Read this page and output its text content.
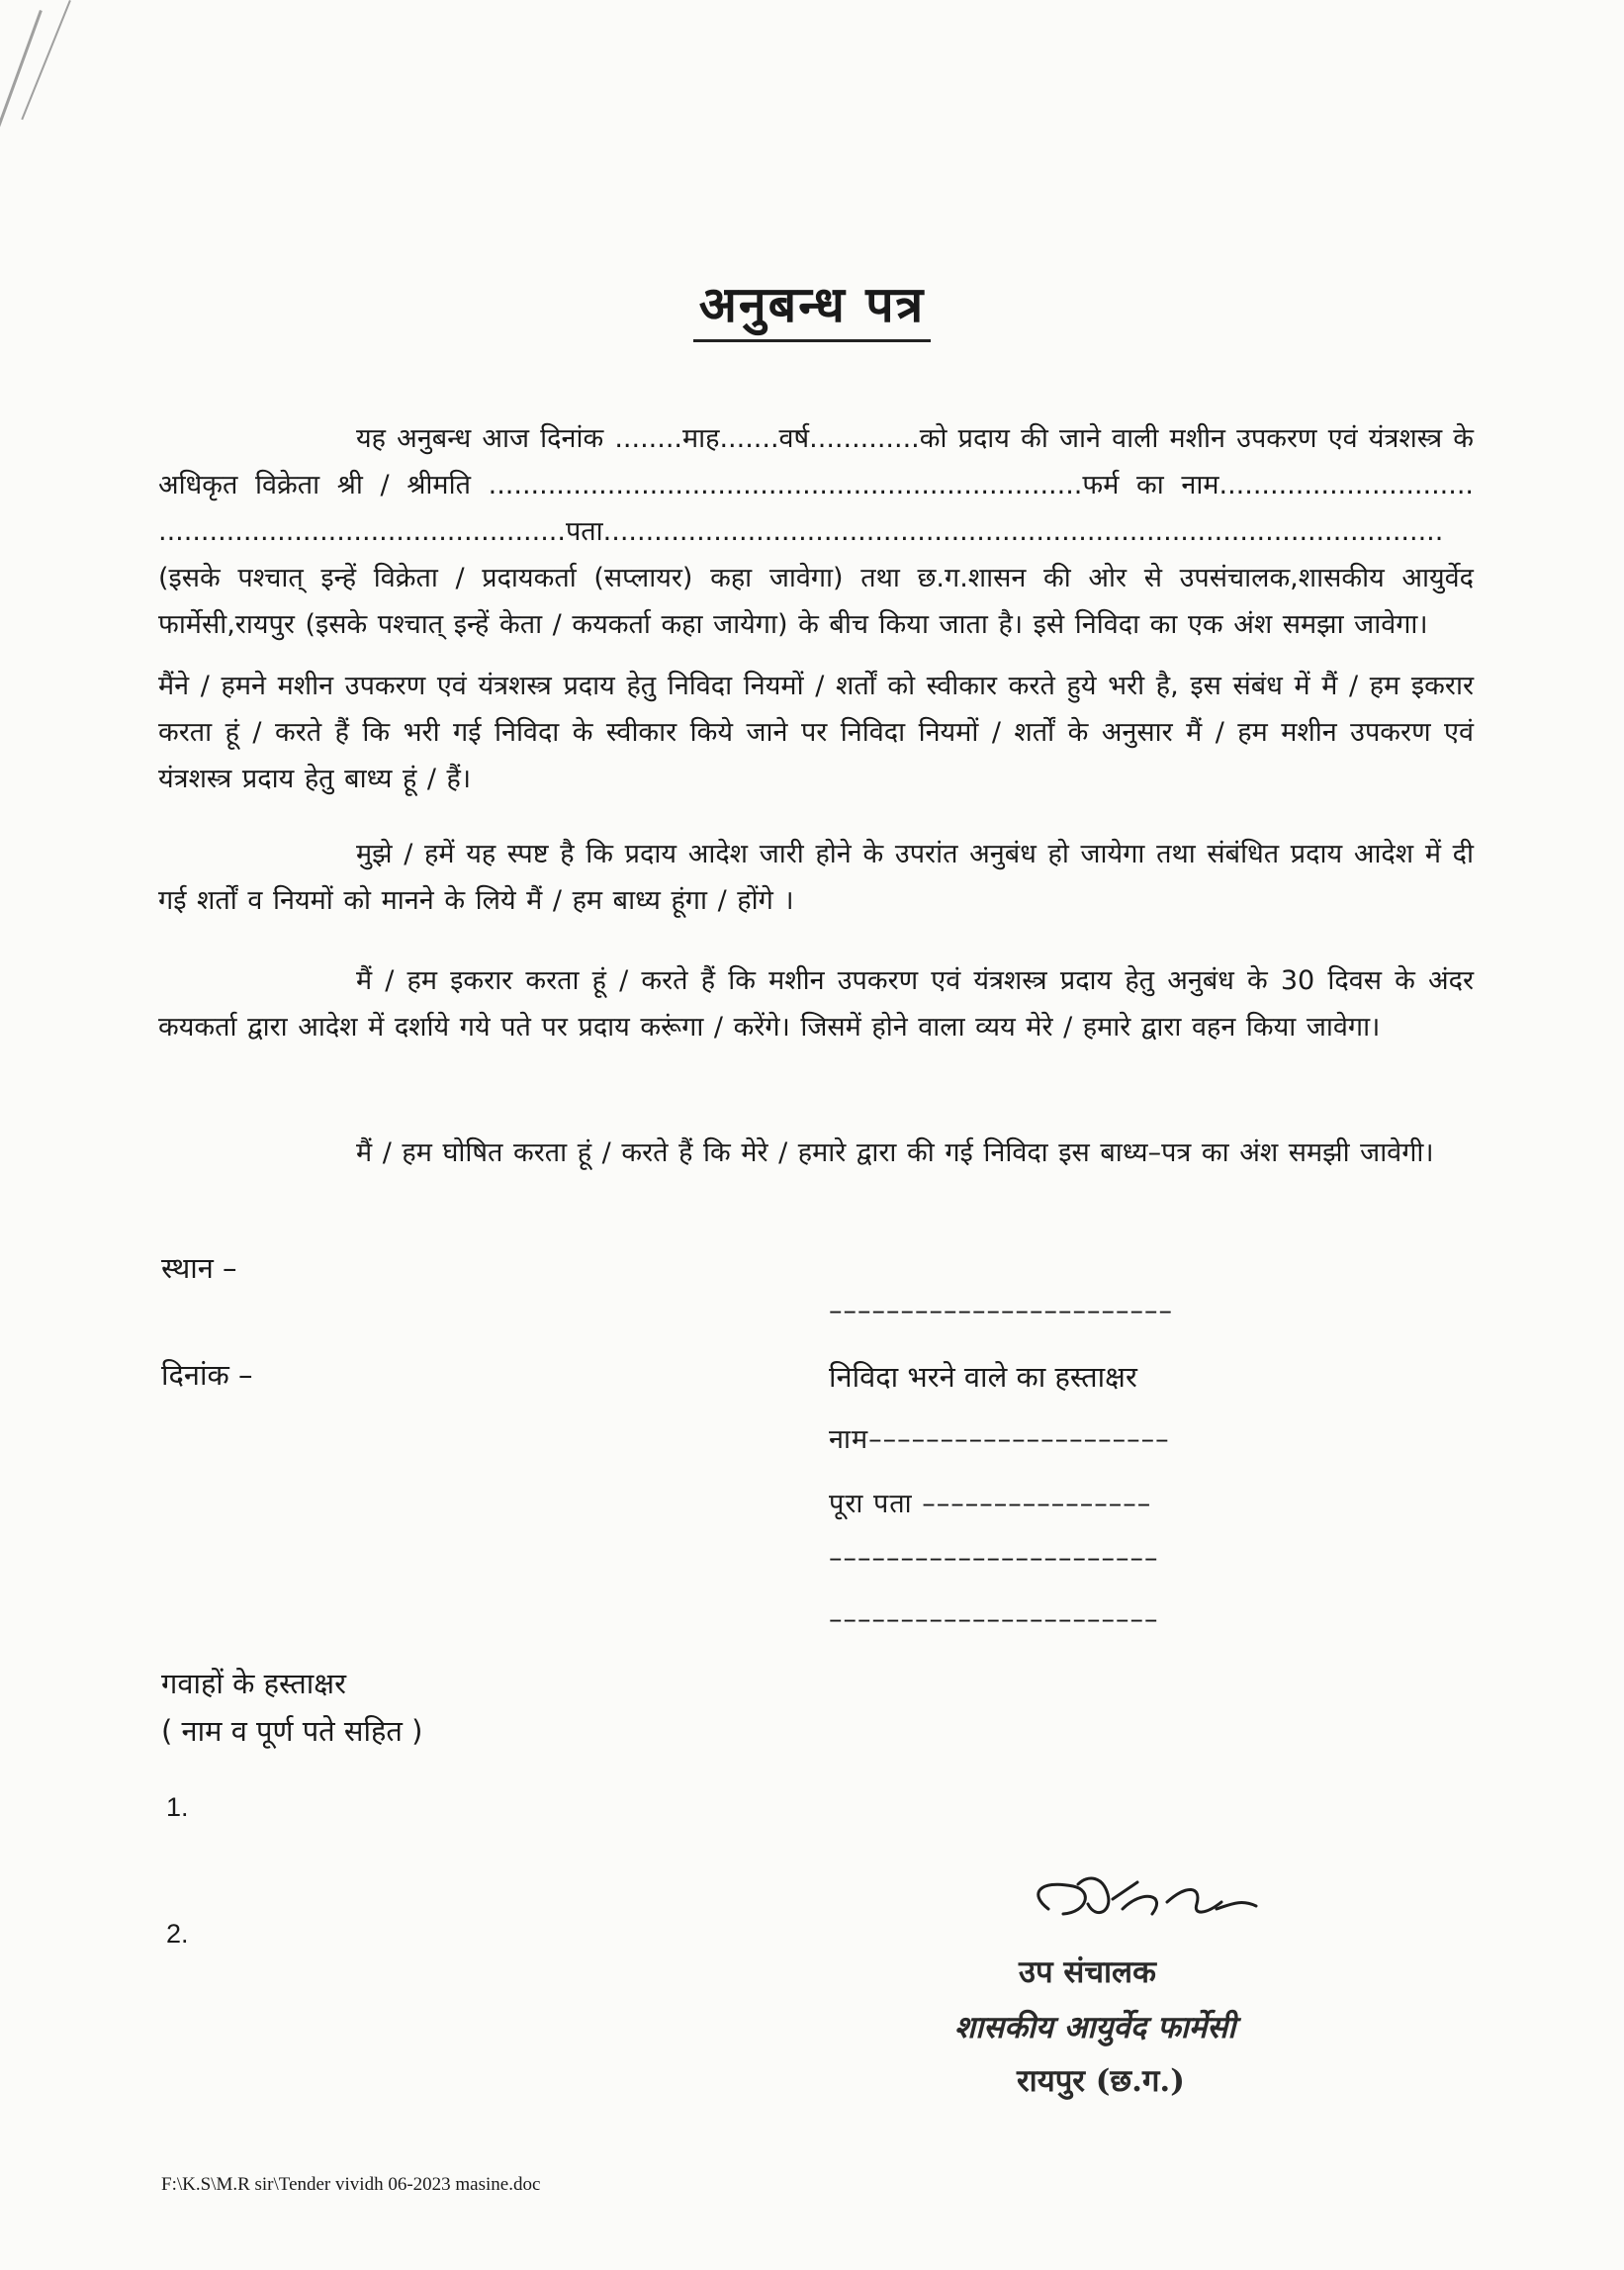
अनुबन्ध पत्र
यह अनुबन्ध आज दिनांक ........माह.......वर्ष.............को प्रदाय की जाने वाली मशीन उपकरण एवं यंत्रशस्त्र के अधिकृत विक्रेता श्री / श्रीमति ......................................................................फर्म का नाम.............................. ................................................पता...................................................................................................(इसके पश्चात् इन्हें विक्रेता / प्रदायकर्ता (सप्लायर) कहा जावेगा) तथा छ.ग.शासन की ओर से उपसंचालक,शासकीय आयुर्वेद फार्मेसी,रायपुर (इसके पश्चात् इन्हें केता / कयकर्ता कहा जायेगा) के बीच किया जाता है। इसे निविदा का एक अंश समझा जावेगा।
मैंने / हमने मशीन उपकरण एवं यंत्रशस्त्र प्रदाय हेतु निविदा नियमों / शर्तों को स्वीकार करते हुये भरी है, इस संबंध में मैं / हम इकरार करता हूं / करते हैं कि भरी गई निविदा के स्वीकार किये जाने पर निविदा नियमों / शर्तों के अनुसार मैं / हम मशीन उपकरण एवं यंत्रशस्त्र प्रदाय हेतु बाध्य हूं / हैं।
मुझे / हमें यह स्पष्ट है कि प्रदाय आदेश जारी होने के उपरांत अनुबंध हो जायेगा तथा संबंधित प्रदाय आदेश में दी गई शर्तों व नियमों को मानने के लिये मैं / हम बाध्य हूंगा / होंगे ।
मैं / हम इकरार करता हूं / करते हैं कि मशीन उपकरण एवं यंत्रशस्त्र प्रदाय हेतु अनुबंध के 30 दिवस के अंदर कयकर्ता द्वारा आदेश में दर्शाये गये पते पर प्रदाय करूंगा / करेंगे। जिसमें होने वाला व्यय मेरे / हमारे द्वारा वहन किया जावेगा।
मैं / हम घोषित करता हूं / करते हैं कि मेरे / हमारे द्वारा की गई निविदा इस बाध्य–पत्र का अंश समझी जावेगी।
स्थान –
दिनांक –
––––––––––––––––––––––––
निविदा भरने वाले का हस्ताक्षर
नाम–––––––––––––––––––––
पूरा पता ––––––––––––––––
–––––––––––––––––––––––
–––––––––––––––––––––––
गवाहों के हस्ताक्षर
( नाम व पूर्ण पते सहित )
1.
2.
उप संचालक
शासकीय आयुर्वेद फार्मेसी
रायपुर (छ.ग.)
F:\K.S\M.R sir\Tender vividh 06-2023 masine.doc
